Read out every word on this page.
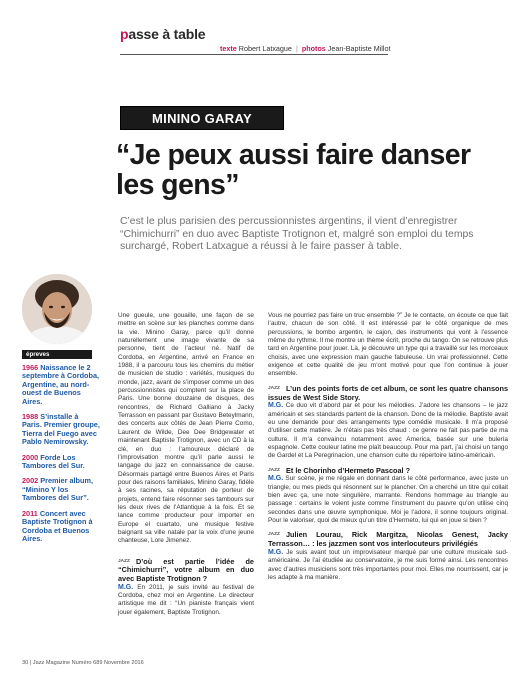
passe à table
texte Robert Latxague | photos Jean-Baptiste Millot
MININO GARAY
“Je peux aussi faire danser les gens”
C’est le plus parisien des percussionnistes argentins, il vient d’enregistrer “Chimichurri” en duo avec Baptiste Trotignon et, malgré son emploi du temps surchargé, Robert Latxague a réussi à le faire passer à table.
épreves
1966 Naissance le 2 septembre à Cordoba, Argentine, au nord-ouest de Buenos Aires.
1988 S’installe à Paris. Premier groupe, Tierra del Fuego avec Pablo Nemirowsky.
2000 Forde Los Tambores del Sur.
2002 Premier album, “Minino Y los Tambores del Sur”.
2011 Concert avec Baptiste Trotignon à Cordoba et Buenos Aires.

Une gueule, une gouaille, une façon de se mettre en scène sur les planches comme dans la vie. Minino Garay, parce qu’il donne naturellement une image vivante de sa personne, tient de l’acteur né. Natif de Cordoba, en Argentine, arrivé en France en 1988, il a parcouru tous les chemins du métier de musicien de studio : variétés, musiques du monde, jazz, avant de s’imposer comme un des percussionnistes qui comptent sur la place de Paris. Une bonne douzaine de disques, des rencontres, de Richard Galliano à Jacky Terrasson en passant par Gustavo Beteylmann, des concerts aux côtés de Jean Pierre Como, Laurent de Wilde, Dee Dee Bridgewater et maintenant Baptiste Trotignon, avec un CD à la clé, en duo : l’amoureux déclaré de l’improvisation montre qu’il parle aussi le langage du jazz en connaissance de cause. Désormais partagé entre Buenos Aires et Paris pour des raisons familiales, Minino Garay, fidèle à ses racines, sa réputation de porteur de projets, entend faire résonner ses tambours sur les deux rives de l’Atlantique à la fois. Et se lance comme producteur pour importer en Europe el cuartato, une musique festive baignant sa ville natale par la voix d’une jeune chanteuse, Lore Jimenez.

JAZZ D’où est partie l’idée de “Chimichurri”, votre album en duo avec Baptiste Trotignon ?

M.G. En 2011, je suis invité au festival de Cordoba, chez moi en Argentine. Le directeur artistique me dit : “Un pianiste français vient jouer également, Baptiste Trotignon.

Vous ne pourriez pas faire un truc ensemble ?” Je le contacte, on écoute ce que fait l’autre, chacun de son côté. Il est intéressé par le côté organique de mes percussions, le bombo argentin, le cajon, des instruments qui vont à l’essence même du rythme. Il me montre un thème écrit, proche du tango. On se retrouve plus tard en Argentine pour jouer. Là, je découvre un type qui a travaillé sur les morceaux choisis, avec une expression main gauche fabuleuse. Un vrai professionnel. Cette exigence et cette qualité de jeu m’ont motivé pour que l’on continue à jouer ensemble.

JAZZ L’un des points forts de cet album, ce sont les quatre chansons issues de West Side Story.

M.G. Ce duo vit d’abord par et pour les mélodies. J’adore les chansons – le jazz américain et ses standards partent de la chanson. Donc de la mélodie. Baptiste avait eu une demande pour des arrangements type comédie musicale. Il m’a proposé d’utiliser cette matière. Je n’étais pas très chaud : ce genre ne fait pas partie de ma culture. Il m’a convaincu notamment avec America, basée sur une bulería espagnole. Cette couleur latine me plaît beaucoup. Pour ma part, j’ai choisi un tango de Gardel et La Peregrinacion, une chanson culte du répertoire latino-américain.

JAZZ Et le Chorinho d’Hermeto Pascoal ?

M.G. Sur scène, je me régale en donnant dans le côté performance, avec juste un triangle, ou mes pieds qui résonnent sur le plancher. On a cherché un titre qui collait bien avec ça, une note singulière, marrante. Rendons hommage au triangle au passage : certains le voient juste comme l’instrument du pauvre qu’on utilise cinq secondes dans une œuvre symphonique. Moi je l’adore, il sonne toujours original. Pour le valoriser, quoi de mieux qu’un titre d’Hermeto, lui qui en joue si bien ?

JAZZ Julien Lourau, Rick Margitza, Nicolas Genest, Jacky Terrasson… : les jazzmen sont vos interlocuteurs privilégiés

M.G. Je suis avant tout un improvisateur marqué par une culture musicale sud-américaine. Je l’ai étudiée au conservatoire, je me suis formé ainsi. Les rencontres avec d’autres musiciens sont très importantes pour moi. Elles me nourrissent, car je les adapte à ma manière.

30 | Jazz Magazine Numéro 689 Novembre 2016
